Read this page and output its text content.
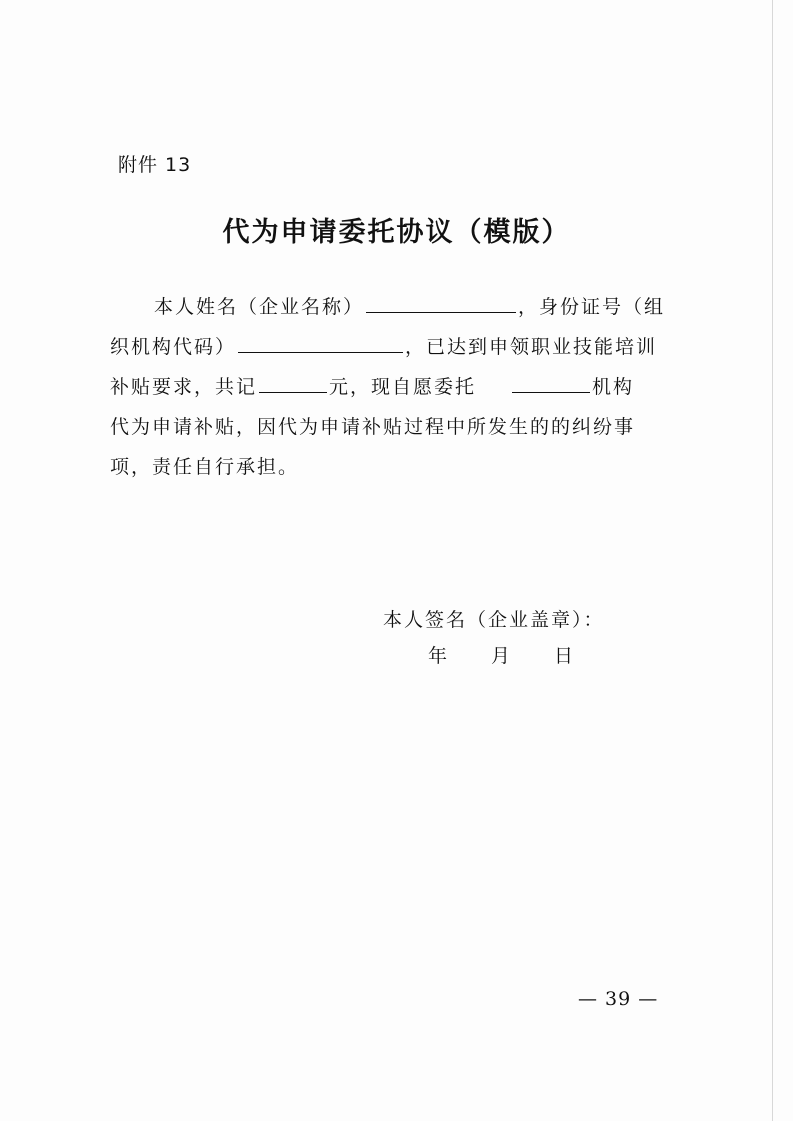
附件 13
代为申请委托协议（模版）
本人姓名（企业名称）	，身份证号（组
织机构代码）	，已达到申领职业技能培训
补贴要求，共记	元，现自愿委托	机构
代为申请补贴，因代为申请补贴过程中所发生的的纠纷事
项，责任自行承担。
本人签名（企业盖章）：
年 月 日
— 39 —
